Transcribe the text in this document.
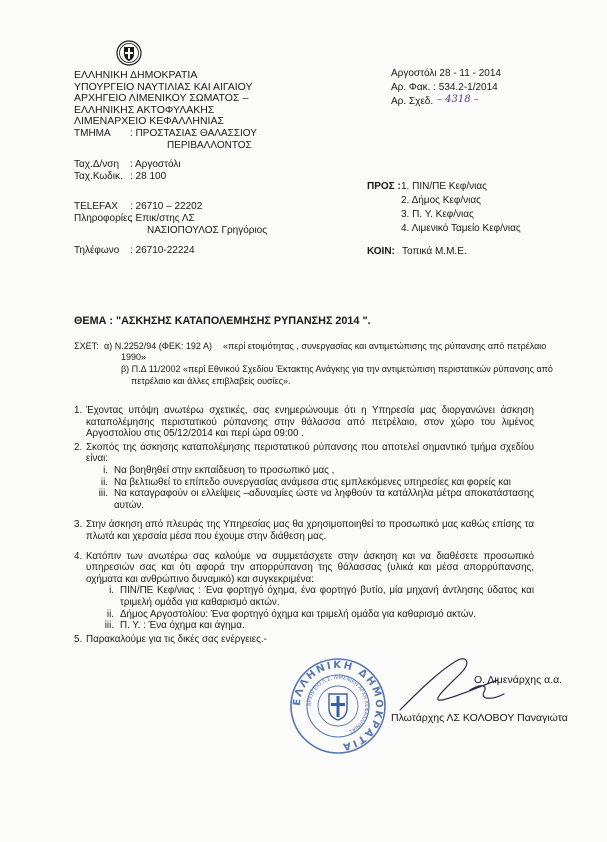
ΕΛΛΗΝΙΚΗ ΔΗΜΟΚΡΑΤΙΑ
ΥΠΟΥΡΓΕΙΟ ΝΑΥΤΙΛΙΑΣ ΚΑΙ ΑΙΓΑΙΟΥ
ΑΡΧΗΓΕΙΟ ΛΙΜΕΝΙΚΟΥ ΣΩΜΑΤΟΣ –
ΕΛΛΗΝΙΚΗΣ ΑΚΤΟΦΥΛΑΚΗΣ
ΛΙΜΕΝΑΡΧΕΙΟ ΚΕΦΑΛΛΗΝΙΑΣ
ΤΜΗΜΑ : ΠΡΟΣΤΑΣΙΑΣ ΘΑΛΑΣΣΙΟΥ
ΠΕΡΙΒΑΛΛΟΝΤΟΣ
Ταχ.Δ/νση : Αργοστόλι
Ταχ.Κωδικ. : 28 100
TELEFAX : 26710 – 22202
Πληροφορίες
: Επικ/στης ΛΣ
ΝΑΣΙΟΠΟΥΛΟΣ Γρηγόριος
Τηλέφωνο : 26710-22224
Αργοστόλι 28 - 11 - 2014
Αρ. Φακ. : 534.2-1/2014
Αρ. Σχεδ. – 4318 –
ΠΡΟΣ : 1. ΠΙΝ/ΠΕ Κεφ/νιας
2. Δήμος Κεφ/νιας
3. Π. Υ. Κεφ/νιας
4. Λιμενικό Ταμείο Κεφ/νιας
ΚΟΙΝ: Τοπικά Μ.Μ.Ε.
ΘΕΜΑ : "ΑΣΚΗΣΗΣ ΚΑΤΑΠΟΛΕΜΗΣΗΣ ΡΥΠΑΝΣΗΣ 2014 ".
ΣΧΕΤ: α) Ν.2252/94 (ΦΕΚ: 192 Α) «περί ετοιμότητας , συνεργασίας και αντιμετώπισης της ρύπανσης από πετρέλαιο
1990»
β) Π.Δ 11/2002 «περί Εθνικού Σχεδίου Έκτακτης Ανάγκης για την αντιμετώπιση περιστατικών ρύπανσης από
πετρέλαιο και άλλες επιβλαβείς ουσίες».
1. Έχοντας υπόψη ανωτέρω σχετικές, σας ενημερώνουμε ότι η Υπηρεσία μας διοργανώνει άσκηση καταπολέμησης περιστατικού ρύπανσης στην θάλασσα από πετρέλαιο, στον χώρο του λιμένος Αργοστολίου στις 05/12/2014 και περί ώρα 09:00 .
2. Σκοπός της άσκησης καταπολέμησης περιστατικού ρύπανσης που αποτελεί σημαντικό τμήμα σχεδίου είναι:
i. Να βοηθηθεί στην εκπαίδευση το προσωπικό μας ,
ii. Να βελτιωθεί το επίπεδο συνεργασίας ανάμεσα στις εμπλεκόμενες υπηρεσίες και φορείς και
iii. Να καταγραφούν οι ελλείψεις –αδυναμίες ώστε να ληφθούν τα κατάλληλα μέτρα αποκατάστασης αυτών.
3. Στην άσκηση από πλευράς της Υπηρεσίας μας θα χρησιμοποιηθεί το προσωπικό μας καθώς επίσης τα πλωτά και χερσαία μέσα που έχουμε στην διάθεση μας.
4. Κατόπιν των ανωτέρω σας καλούμε να συμμετάσχετε στην άσκηση και να διαθέσετε προσωπικό υπηρεσιών σας και ότι αφορά την απορρύπανση της θάλασσας (υλικά και μέσα απορρύπανσης, οχήματα και ανθρώπινο δυναμικό) και συγκεκριμένα:
i. ΠΙΝ/ΠΕ Κεφ/νιας : Ένα φορτηγό όχημα, ένα φορτηγό βυτίο, μία μηχανή άντλησης ύδατος και τριμελή ομάδα για καθαρισμό ακτών.
ii. Δήμος Αργοστολίου: Ένα φορτηγό όχημα και τριμελή ομάδα για καθαρισμό ακτών.
iii. Π. Υ. : Ένα όχημα και άγημα.
5. Παρακαλούμε για τις δικές σας ενέργειες.-
ΕΛΛΗΝΙΚΗ ΔΗΜΟΚΡΑΤΙΑ
ΑΡΧΗΓΕΙΟ Λ.Σ. ΛΙΜΕΝΙΚΗ ΑΡΧΗ ΚΕΦΑΛΛΗΝΙΑΣ
Ο. Λιμενάρχης α.α.
Πλωτάρχης ΛΣ ΚΟΛΟΒΟΥ Παναγιώτα
